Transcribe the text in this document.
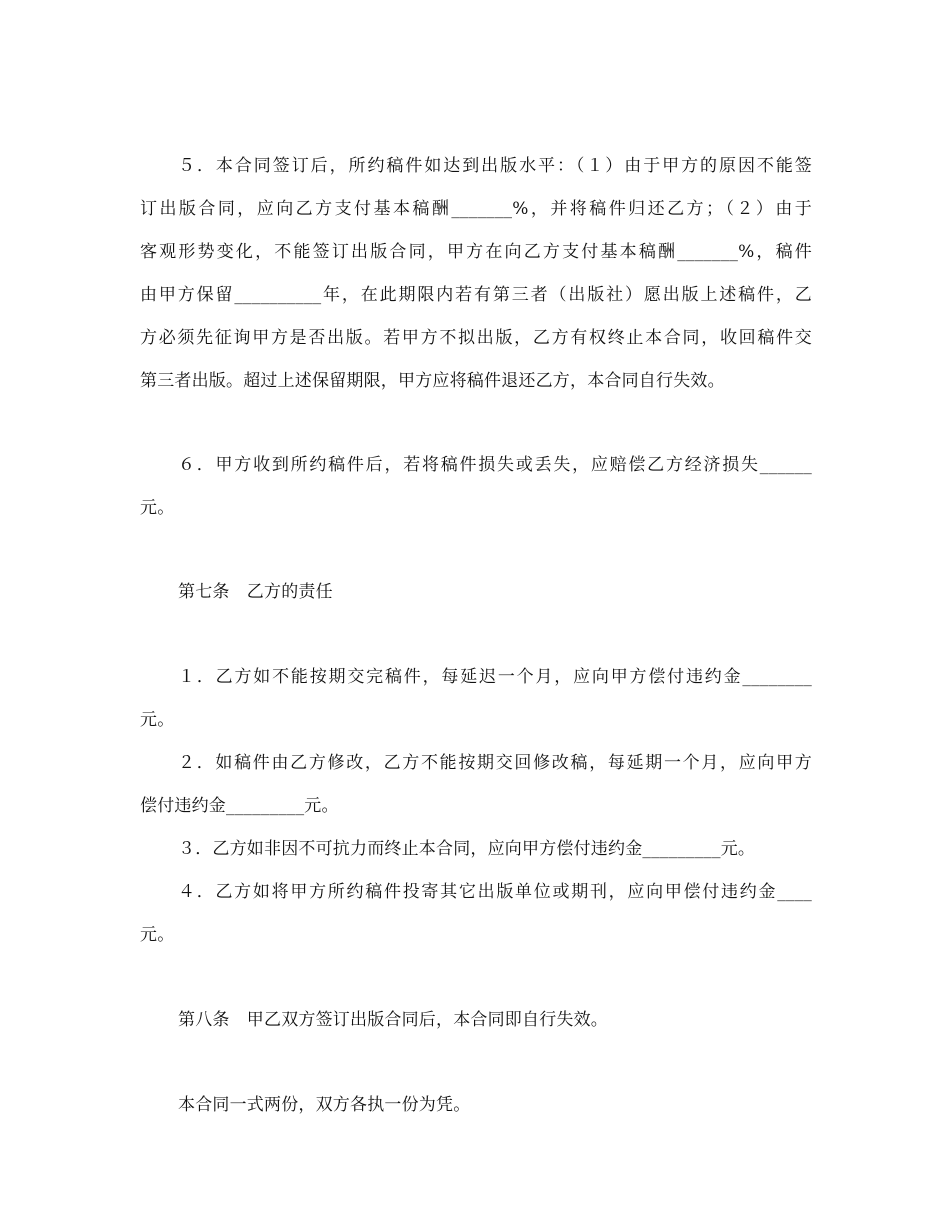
５．本合同签订后，所约稿件如达到出版水平：（１）由于甲方的原因不能签
订出版合同，应向乙方支付基本稿酬_______%，并将稿件归还乙方；（２）由于
客观形势变化，不能签订出版合同，甲方在向乙方支付基本稿酬_______%，稿件
由甲方保留__________年，在此期限内若有第三者（出版社）愿出版上述稿件，乙
方必须先征询甲方是否出版。若甲方不拟出版，乙方有权终止本合同，收回稿件交
第三者出版。超过上述保留期限，甲方应将稿件退还乙方，本合同自行失效。
６．甲方收到所约稿件后，若将稿件损失或丢失，应赔偿乙方经济损失______
元。
第七条　乙方的责任
１．乙方如不能按期交完稿件，每延迟一个月，应向甲方偿付违约金________
元。
２．如稿件由乙方修改，乙方不能按期交回修改稿，每延期一个月，应向甲方
偿付违约金_________元。
３．乙方如非因不可抗力而终止本合同，应向甲方偿付违约金_________元。
４．乙方如将甲方所约稿件投寄其它出版单位或期刊，应向甲偿付违约金____
元。
第八条　甲乙双方签订出版合同后，本合同即自行失效。
本合同一式两份，双方各执一份为凭。
